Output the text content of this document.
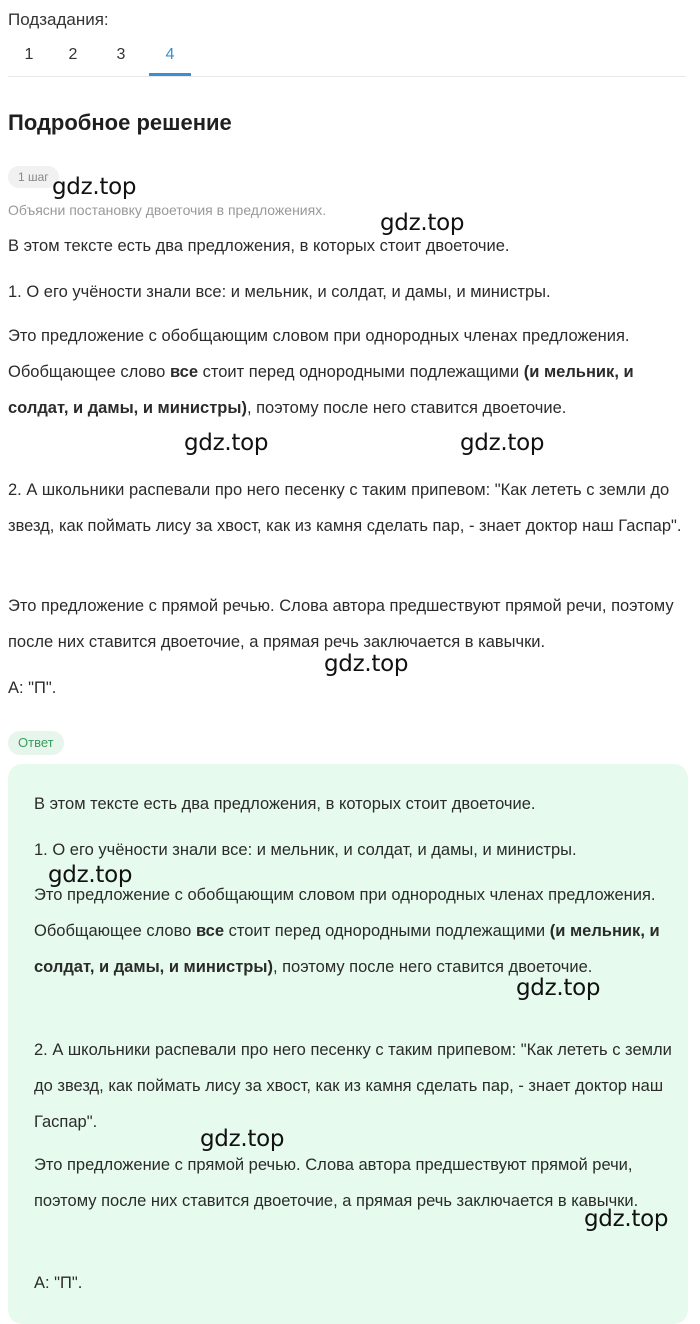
Подзадания:
1	2	3	4
Подробное решение
1 шаг
Объясни постановку двоеточия в предложениях.
В этом тексте есть два предложения, в которых стоит двоеточие.
1. О его учёности знали все: и мельник, и солдат, и дамы, и министры.
Это предложение с обобщающим словом при однородных членах предложения. Обобщающее слово все стоит перед однородными подлежащими (и мельник, и солдат, и дамы, и министры), поэтому после него ставится двоеточие.
2. А школьники распевали про него песенку с таким припевом: "Как лететь с земли до звезд, как поймать лису за хвост, как из камня сделать пар, - знает доктор наш Гаспар".
Это предложение с прямой речью. Слова автора предшествуют прямой речи, поэтому после них ставится двоеточие, а прямая речь заключается в кавычки.
А: "П".
Ответ
В этом тексте есть два предложения, в которых стоит двоеточие.
1. О его учёности знали все: и мельник, и солдат, и дамы, и министры.
Это предложение с обобщающим словом при однородных членах предложения. Обобщающее слово все стоит перед однородными подлежащими (и мельник, и солдат, и дамы, и министры), поэтому после него ставится двоеточие.
2. А школьники распевали про него песенку с таким припевом: "Как лететь с земли до звезд, как поймать лису за хвост, как из камня сделать пар, - знает доктор наш Гаспар".
Это предложение с прямой речью. Слова автора предшествуют прямой речи, поэтому после них ставится двоеточие, а прямая речь заключается в кавычки.
А: "П".
gdz.top
gdz.top
gdz.top	gdz.top
gdz.top
gdz.top
gdz.top
gdz.top
gdz.top
